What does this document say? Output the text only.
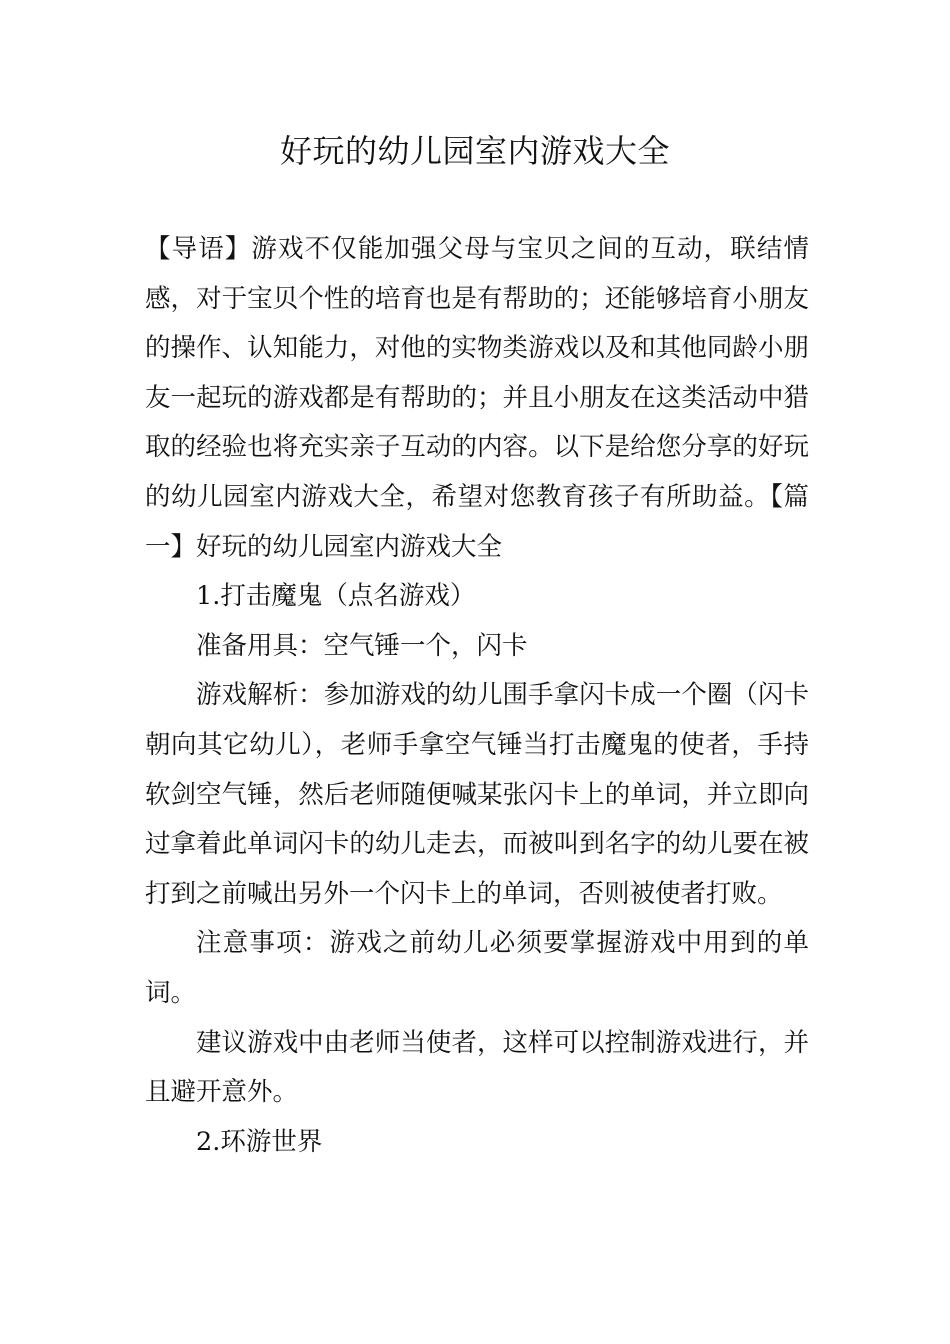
好玩的幼儿园室内游戏大全

【导语】游戏不仅能加强父母与宝贝之间的互动，联结情感，对于宝贝个性的培育也是有帮助的；还能够培育小朋友的操作、认知能力，对他的实物类游戏以及和其他同龄小朋友一起玩的游戏都是有帮助的；并且小朋友在这类活动中猎取的经验也将充实亲子互动的内容。以下是给您分享的好玩的幼儿园室内游戏大全，希望对您教育孩子有所助益。【篇一】好玩的幼儿园室内游戏大全

1.打击魔鬼（点名游戏）

准备用具：空气锤一个，闪卡

游戏解析：参加游戏的幼儿围手拿闪卡成一个圈（闪卡朝向其它幼儿），老师手拿空气锤当打击魔鬼的使者，手持软剑空气锤，然后老师随便喊某张闪卡上的单词，并立即向过拿着此单词闪卡的幼儿走去，而被叫到名字的幼儿要在被打到之前喊出另外一个闪卡上的单词，否则被使者打败。

注意事项：游戏之前幼儿必须要掌握游戏中用到的单词。

建议游戏中由老师当使者，这样可以控制游戏进行，并且避开意外。

2.环游世界
